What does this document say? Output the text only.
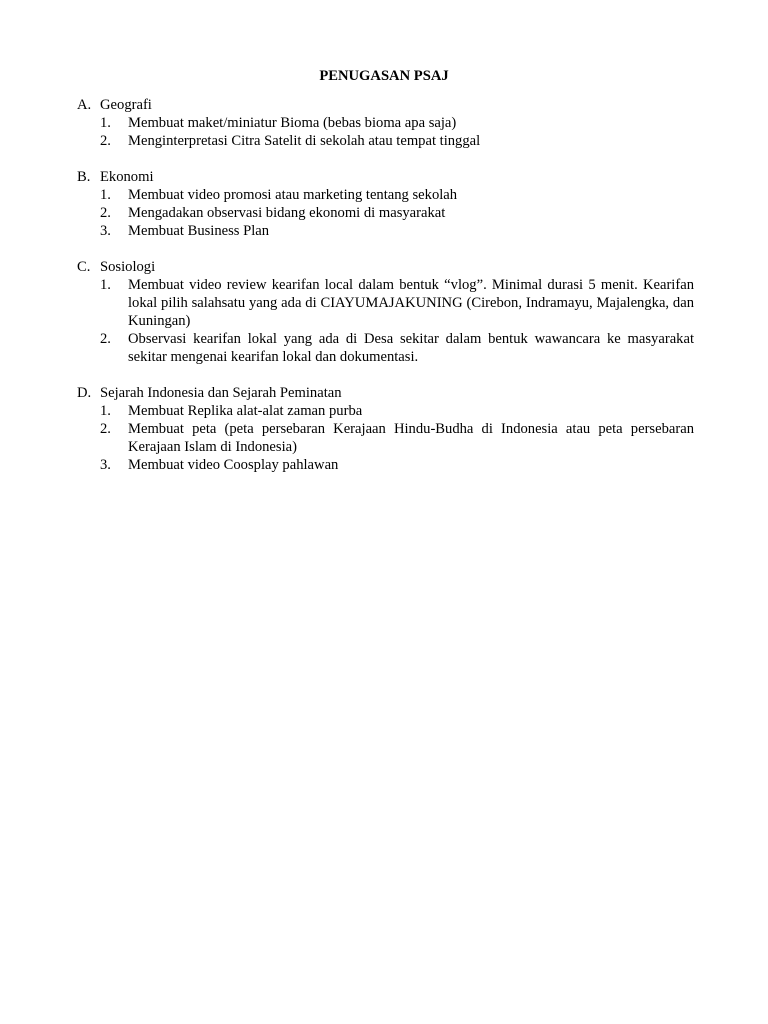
PENUGASAN PSAJ
A. Geografi
1.	Membuat maket/miniatur Bioma (bebas bioma apa saja)
2.	Menginterpretasi Citra Satelit di sekolah atau tempat tinggal
B. Ekonomi
1.	Membuat video promosi atau marketing tentang sekolah
2.	Mengadakan observasi bidang ekonomi di masyarakat
3.	Membuat Business Plan
C. Sosiologi
1.	Membuat video review kearifan local dalam bentuk “vlog”. Minimal durasi 5 menit. Kearifan lokal pilih salahsatu yang ada di CIAYUMAJAKUNING (Cirebon, Indramayu, Majalengka, dan Kuningan)
2.	Observasi kearifan lokal yang ada di Desa sekitar dalam bentuk wawancara ke masyarakat sekitar mengenai kearifan lokal dan dokumentasi.
D. Sejarah Indonesia dan Sejarah Peminatan
1.	Membuat Replika alat-alat zaman purba
2.	Membuat peta (peta persebaran Kerajaan Hindu-Budha di Indonesia atau peta persebaran Kerajaan Islam di Indonesia)
3.	Membuat video Coosplay pahlawan
